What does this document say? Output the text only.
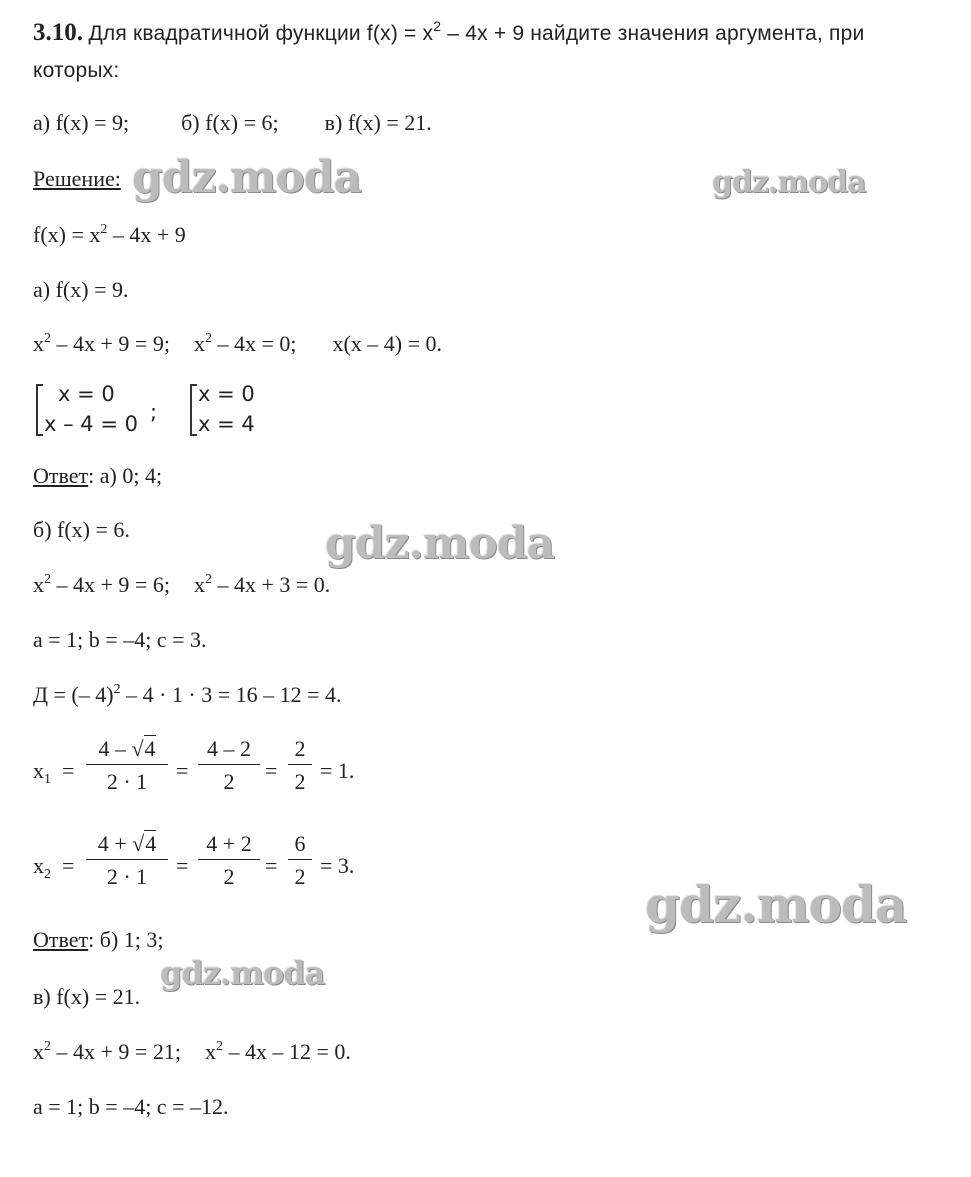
3.10. Для квадратичной функции $f(x) = x^2 - 4x + 9$ найдите значения аргумента, при
которых:
а) f(x) = 9; б) f(x) = 6; в) f(x) = 21.
Решение:
$f(x) = x^2 - 4x + 9$
а) f(x) = 9.
$x^2 - 4x + 9 = 9$; $x^2 - 4x = 0$; x(x – 4) = 0.
x = 0
x – 4 = 0 ;
x = 0
x = 4
Ответ: а) 0; 4;
б) f(x) = 6.
$x^2 - 4x + 9 = 6$; $x^2 - 4x + 3 = 0$.
a = 1; b = –4; c = 3.
Д = (– 4)$^2$ – 4 · 1 · 3 = 16 – 12 = 4.
$x_1 = \frac{4 - √4}{2 \cdot 1} = \frac{4 - 2}{2} = \frac{2}{2} = 1$.
$x_2 = \frac{4 + √4}{2 \cdot 1} = \frac{4 + 2}{2} = \frac{6}{2} = 3$.
Ответ: б) 1; 3;
в) f(x) = 21.
$x^2 - 4x + 9 = 21$; $x^2 - 4x - 12 = 0$.
a = 1; b = –4; c = –12.
gdz.moda	gdz.moda
gdz.moda
gdz.moda
gdz.moda
